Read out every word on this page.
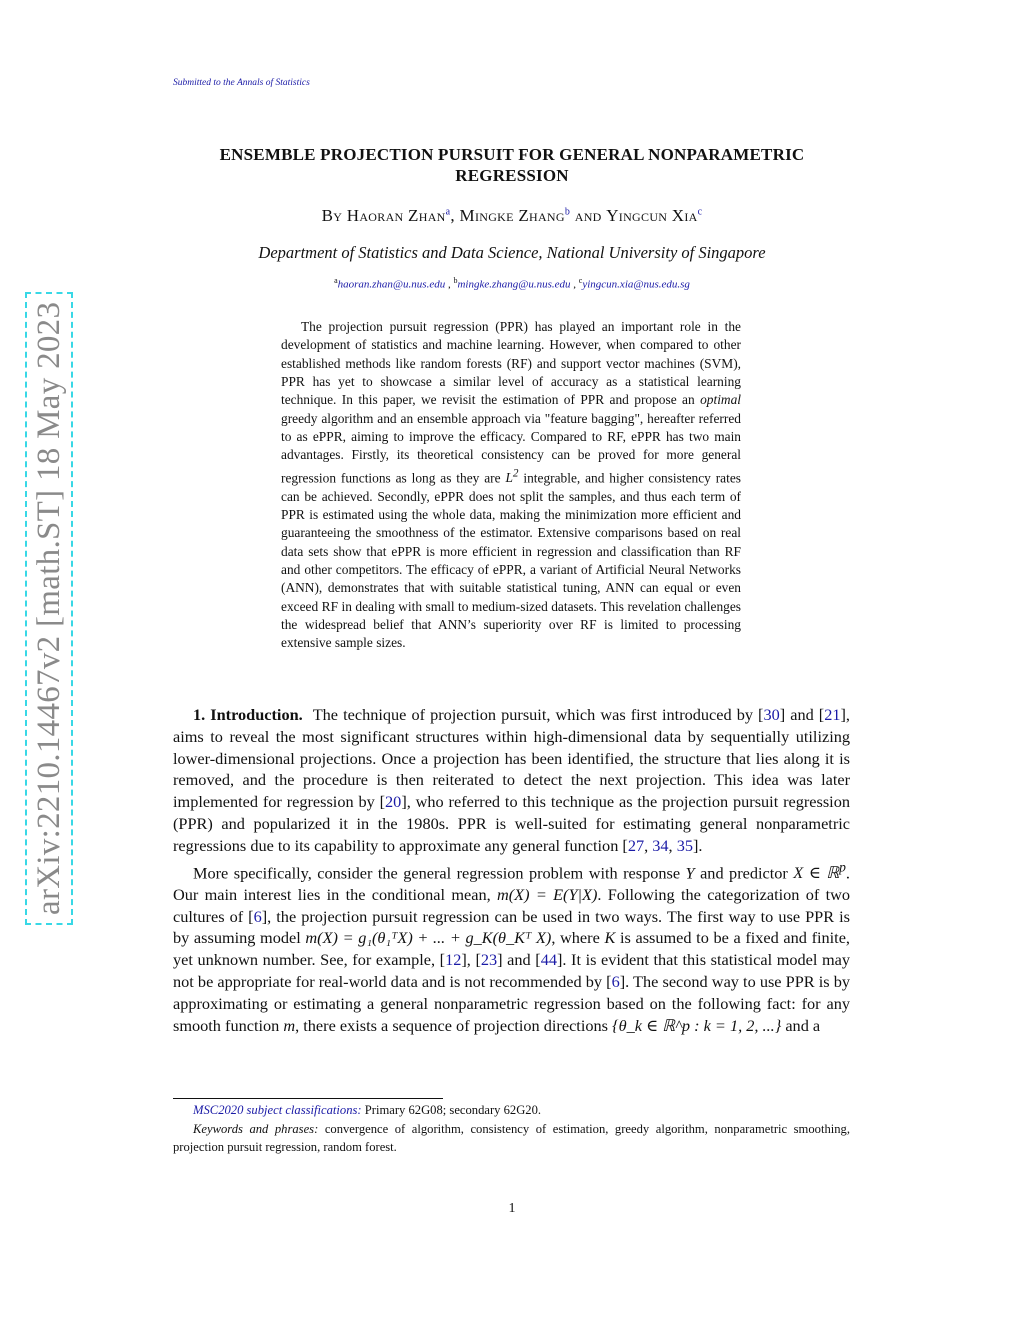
Submitted to the Annals of Statistics
arXiv:2210.14467v2 [math.ST] 18 May 2023
ENSEMBLE PROJECTION PURSUIT FOR GENERAL NONPARAMETRIC
REGRESSION
By Haoran Zhan$^a$, Mingke Zhang$^b$ and Yingcun Xia$^c$
Department of Statistics and Data Science, National University of Singapore
$^a$haoran.zhan@u.nus.edu , $^b$mingke.zhang@u.nus.edu , $^c$yingcun.xia@nus.edu.sg
The projection pursuit regression (PPR) has played an important role in the development of statistics and machine learning. However, when compared to other established methods like random forests (RF) and support vector machines (SVM), PPR has yet to showcase a similar level of accuracy as a statistical learning technique. In this paper, we revisit the estimation of PPR and propose an optimal greedy algorithm and an ensemble approach via "feature bagging", hereafter referred to as ePPR, aiming to improve the efficacy. Compared to RF, ePPR has two main advantages. Firstly, its theoretical consistency can be proved for more general regression functions as long as they are $L^2$ integrable, and higher consistency rates can be achieved. Secondly, ePPR does not split the samples, and thus each term of PPR is estimated using the whole data, making the minimization more efficient and guaranteeing the smoothness of the estimator. Extensive comparisons based on real data sets show that ePPR is more efficient in regression and classification than RF and other competitors. The efficacy of ePPR, a variant of Artificial Neural Networks (ANN), demonstrates that with suitable statistical tuning, ANN can equal or even exceed RF in dealing with small to medium-sized datasets. This revelation challenges the widespread belief that ANN’s superiority over RF is limited to processing extensive sample sizes.

1. Introduction. The technique of projection pursuit, which was first introduced by [30] and [21], aims to reveal the most significant structures within high-dimensional data by sequentially utilizing lower-dimensional projections. Once a projection has been identified, the structure that lies along it is removed, and the procedure is then reiterated to detect the next projection. This idea was later implemented for regression by [20], who referred to this technique as the projection pursuit regression (PPR) and popularized it in the 1980s. PPR is well-suited for estimating general nonparametric regressions due to its capability to approximate any general function [27, 34, 35].

More specifically, consider the general regression problem with response Y and predictor X ∈ ℝ$^p$. Our main interest lies in the conditional mean, m(X) = E(Y|X). Following the categorization of two cultures of [6], the projection pursuit regression can be used in two ways. The first way to use PPR is by assuming model m(X) = g₁(θ₁ᵀX) + ... + g_K(θ_Kᵀ X), where K is assumed to be a fixed and finite, yet unknown number. See, for example, [12], [23] and [44]. It is evident that this statistical model may not be appropriate for real-world data and is not recommended by [6]. The second way to use PPR is by approximating or estimating a general nonparametric regression based on the following fact: for any smooth function m, there exists a sequence of projection directions {θ_k ∈ ℝ^p : k = 1, 2, ...} and a

MSC2020 subject classifications: Primary 62G08; secondary 62G20.

Keywords and phrases: convergence of algorithm, consistency of estimation, greedy algorithm, nonparametric smoothing, projection pursuit regression, random forest.

1
